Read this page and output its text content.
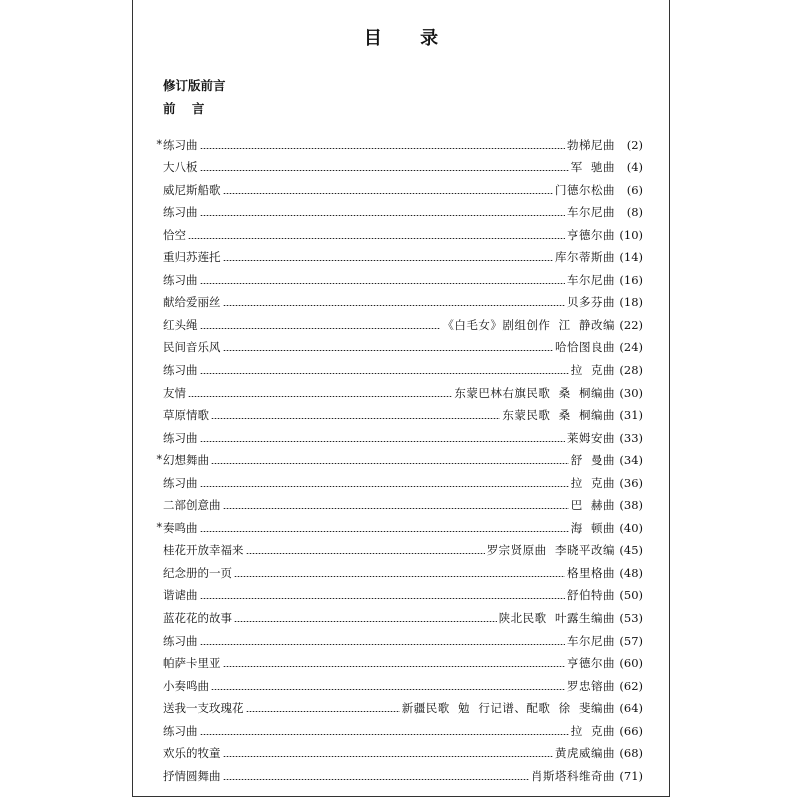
目 录
修订版前言
前 言
* 练习曲	勃梯尼曲	(2)
大八板	军  驰曲	(4)
威尼斯船歌	门德尔松曲	(6)
练习曲	车尔尼曲	(8)
恰空	亨德尔曲 (10)
重归苏莲托	库尔蒂斯曲 (14)
练习曲	车尔尼曲 (16)
献给爱丽丝	贝多芬曲 (18)
红头绳	《白毛女》剧组创作  江  静改编 (22)
民间音乐风	哈恰图良曲 (24)
练习曲	拉  克曲 (28)
友情	东蒙巴林右旗民歌  桑  桐编曲 (30)
草原情歌	东蒙民歌  桑  桐编曲 (31)
练习曲	莱姆安曲 (33)
* 幻想舞曲	舒  曼曲 (34)
练习曲	拉  克曲 (36)
二部创意曲	巴  赫曲 (38)
* 奏鸣曲	海  顿曲 (40)
桂花开放幸福来	罗宗贤原曲  李晓平改编 (45)
纪念册的一页	格里格曲 (48)
谐谑曲	舒伯特曲 (50)
蓝花花的故事	陕北民歌  叶露生编曲 (53)
练习曲	车尔尼曲 (57)
帕萨卡里亚	亨德尔曲 (60)
小奏鸣曲	罗忠镕曲 (62)
送我一支玫瑰花	新疆民歌  勉  行记谱、配歌  徐  斐编曲 (64)
练习曲	拉  克曲 (66)
欢乐的牧童	黄虎威编曲 (68)
抒情圆舞曲	肖斯塔科维奇曲 (71)
